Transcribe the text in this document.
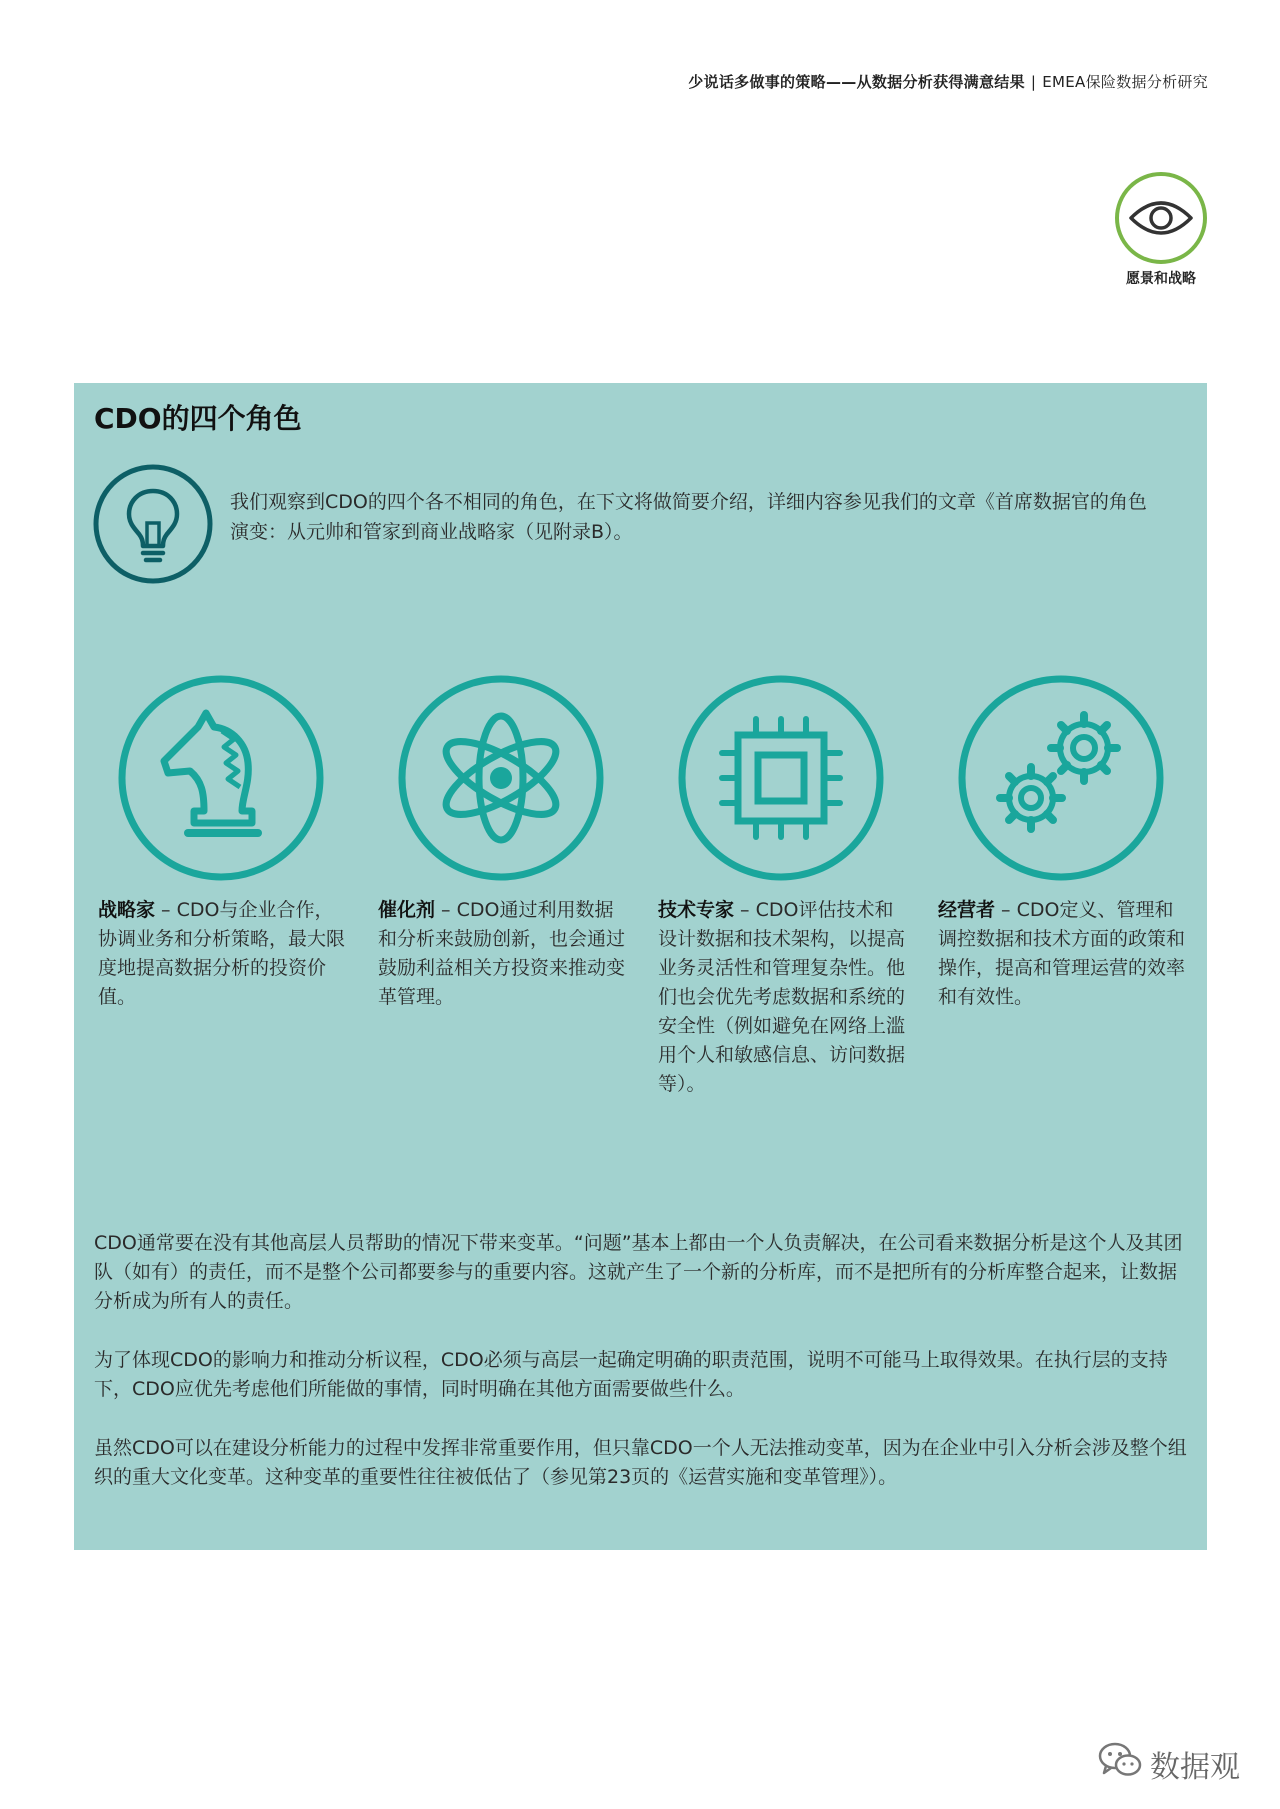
少说话多做事的策略——从数据分析获得满意结果 | EMEA保险数据分析研究
愿景和战略
CDO的四个角色

我们观察到CDO的四个各不相同的角色，在下文将做简要介绍，详细内容参见我们的文章《首席数据官的角色演变：从元帅和管家到商业战略家（见附录B）。

战略家 – CDO与企业合作，协调业务和分析策略，最大限度地提高数据分析的投资价值。

催化剂 – CDO通过利用数据和分析来鼓励创新，也会通过鼓励利益相关方投资来推动变革管理。

技术专家 – CDO评估技术和设计数据和技术架构，以提高业务灵活性和管理复杂性。他们也会优先考虑数据和系统的安全性（例如避免在网络上滥用个人和敏感信息、访问数据等）。

经营者 – CDO定义、管理和调控数据和技术方面的政策和操作，提高和管理运营的效率和有效性。

CDO通常要在没有其他高层人员帮助的情况下带来变革。“问题”基本上都由一个人负责解决，在公司看来数据分析是这个人及其团队（如有）的责任，而不是整个公司都要参与的重要内容。这就产生了一个新的分析库，而不是把所有的分析库整合起来，让数据分析成为所有人的责任。

为了体现CDO的影响力和推动分析议程，CDO必须与高层一起确定明确的职责范围，说明不可能马上取得效果。在执行层的支持下，CDO应优先考虑他们所能做的事情，同时明确在其他方面需要做些什么。

虽然CDO可以在建设分析能力的过程中发挥非常重要作用，但只靠CDO一个人无法推动变革，因为在企业中引入分析会涉及整个组织的重大文化变革。这种变革的重要性往往被低估了（参见第23页的《运营实施和变革管理》）。

数据观
